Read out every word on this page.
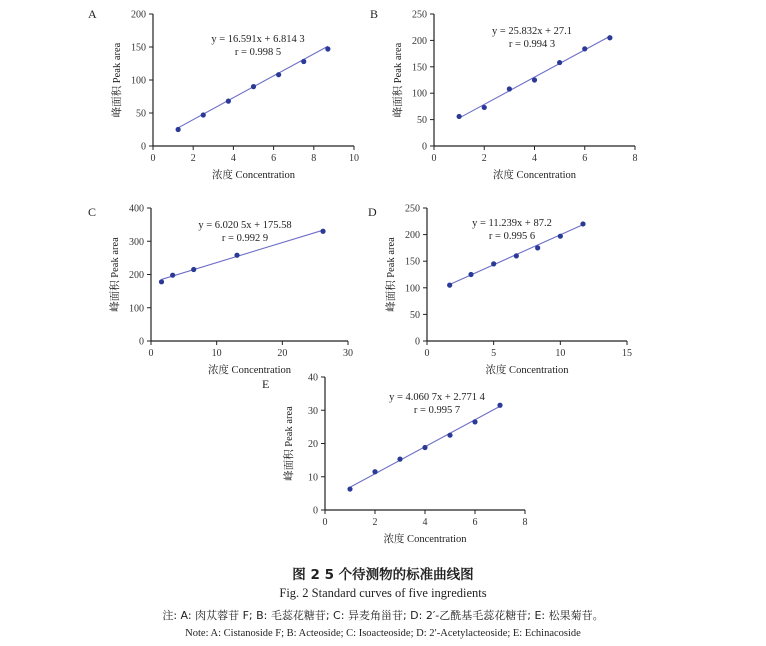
A
0
50
100
150
200
0	2	4	6	8	10
浓度 Concentration
峰面积 Peak area
y = 16.591x + 6.814 3
r = 0.998 5
B
0
50
100
150
200
250
0	2	4	6	8
浓度 Concentration
峰面积 Peak area
y = 25.832x + 27.1
r = 0.994 3
C
0
100
200
300
400
0	10	20	30
浓度 Concentration
峰面积 Peak area
y = 6.020 5x + 175.58
r = 0.992 9
D
0
50
100
150
200
250
0	5	10	15
浓度 Concentration
峰面积 Peak area
y = 11.239x + 87.2
r = 0.995 6
E
0
10
20
30
40
0	2	4	6	8
浓度 Concentration
峰面积 Peak area
y = 4.060 7x + 2.771 4
r = 0.995 7
图 2 5 个待测物的标准曲线图
Fig. 2 Standard curves of five ingredients
注: A: 肉苁蓉苷 F; B: 毛蕊花糖苷; C: 异麦角甾苷; D: 2′-乙酰基毛蕊花糖苷; E: 松果菊苷。
Note: A: Cistanoside F; B: Acteoside; C: Isoacteoside; D: 2′-Acetylacteoside; E: Echinacoside
